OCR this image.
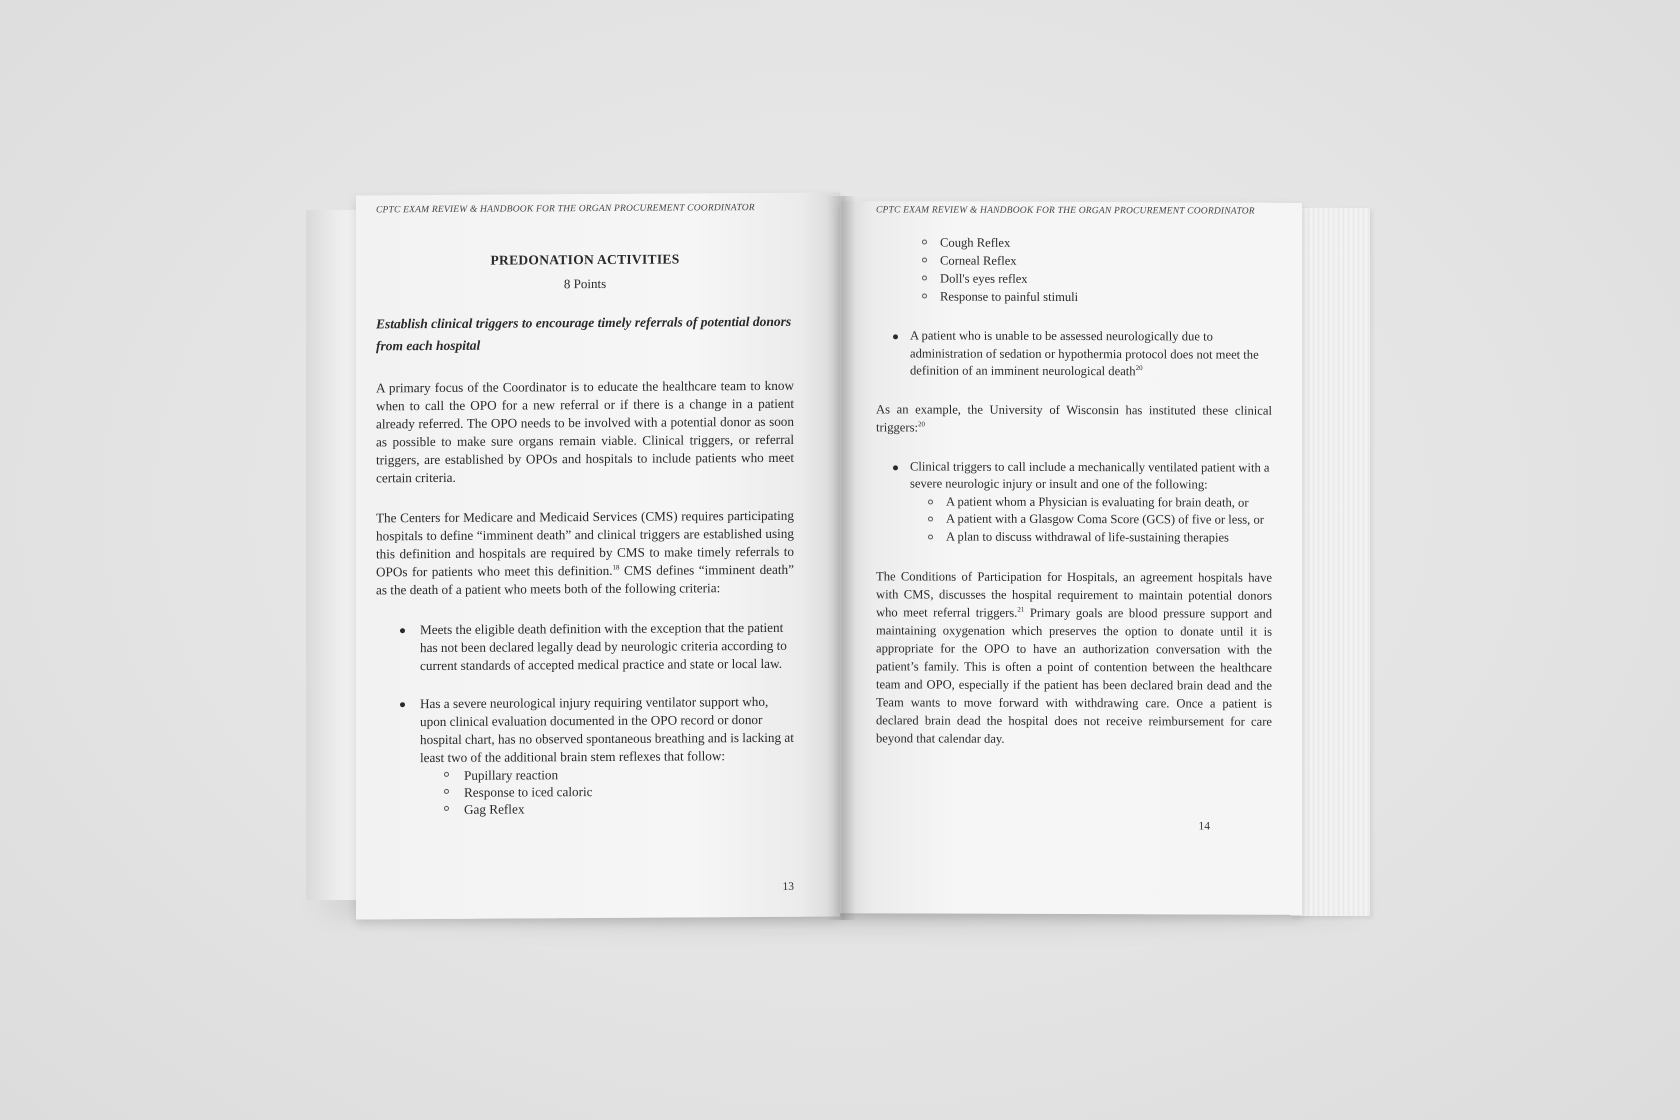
CPTC EXAM REVIEW & HANDBOOK FOR THE ORGAN PROCUREMENT COORDINATOR
PREDONATION ACTIVITIES
8 Points
Establish clinical triggers to encourage timely referrals of potential donors from each hospital

A primary focus of the Coordinator is to educate the healthcare team to know when to call the OPO for a new referral or if there is a change in a patient already referred. The OPO needs to be involved with a potential donor as soon as possible to make sure organs remain viable. Clinical triggers, or referral triggers, are established by OPOs and hospitals to include patients who meet certain criteria.

The Centers for Medicare and Medicaid Services (CMS) requires participating hospitals to define “imminent death” and clinical triggers are established using this definition and hospitals are required by CMS to make timely referrals to OPOs for patients who meet this definition.$^{18}$ CMS defines “imminent death” as the death of a patient who meets both of the following criteria:

Meets the eligible death definition with the exception that the patient has not been declared legally dead by neurologic criteria according to current standards of accepted medical practice and state or local law.
Has a severe neurological injury requiring ventilator support who, upon clinical evaluation documented in the OPO record or donor hospital chart, has no observed spontaneous breathing and is lacking at least two of the additional brain stem reflexes that follow:
Pupillary reaction
Response to iced caloric
Gag Reflex
13
CPTC EXAM REVIEW & HANDBOOK FOR THE ORGAN PROCUREMENT COORDINATOR
Cough Reflex
Corneal Reflex
Doll's eyes reflex
Response to painful stimuli
A patient who is unable to be assessed neurologically due to administration of sedation or hypothermia protocol does not meet the definition of an imminent neurological death$^{20}$

As an example, the University of Wisconsin has instituted these clinical triggers:$^{20}$

Clinical triggers to call include a mechanically ventilated patient with a severe neurologic injury or insult and one of the following:
A patient whom a Physician is evaluating for brain death, or
A patient with a Glasgow Coma Score (GCS) of five or less, or
A plan to discuss withdrawal of life-sustaining therapies

The Conditions of Participation for Hospitals, an agreement hospitals have with CMS, discusses the hospital requirement to maintain potential donors who meet referral triggers.$^{21}$ Primary goals are blood pressure support and maintaining oxygenation which preserves the option to donate until it is appropriate for the OPO to have an authorization conversation with the patient’s family. This is often a point of contention between the healthcare team and OPO, especially if the patient has been declared brain dead and the Team wants to move forward with withdrawing care. Once a patient is declared brain dead the hospital does not receive reimbursement for care beyond that calendar day.

14
